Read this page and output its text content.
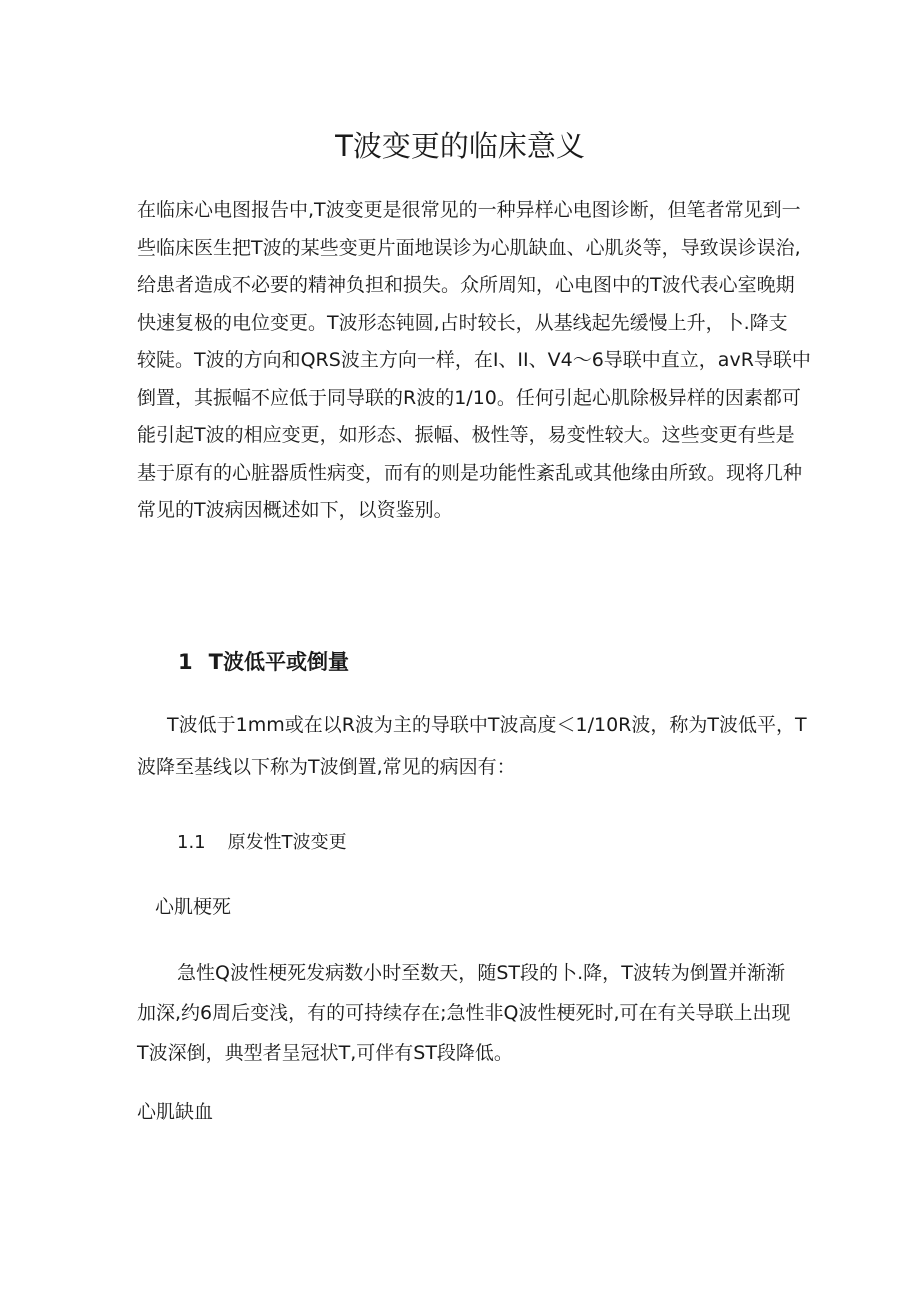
T波变更的临床意义
在临床心电图报告中,T波变更是很常见的一种异样心电图诊断，但笔者常见到一
些临床医生把T波的某些变更片面地误诊为心肌缺血、心肌炎等，导致误诊误治,
给患者造成不必要的精神负担和损失。众所周知，心电图中的T波代表心室晚期
快速复极的电位变更。T波形态钝圆,占时较长，从基线起先缓慢上升，卜.降支
较陡。T波的方向和QRS波主方向一样，在I、II、V4～6导联中直立，avR导联中
倒置，其振幅不应低于同导联的R波的1/10。任何引起心肌除极异样的因素都可
能引起T波的相应变更，如形态、振幅、极性等，易变性较大。这些变更有些是
基于原有的心脏器质性病变，而有的则是功能性紊乱或其他缘由所致。现将几种
常见的T波病因概述如下，以资鉴别。
1 T波低平或倒量
T波低于1mm或在以R波为主的导联中T波高度＜1/10R波，称为T波低平，T
波降至基线以下称为T波倒置,常见的病因有：
1.1 原发性T波变更
心肌梗死
急性Q波性梗死发病数小时至数天，随ST段的卜.降，T波转为倒置并渐渐
加深,约6周后变浅，有的可持续存在;急性非Q波性梗死时,可在有关导联上出现
T波深倒，典型者呈冠状T,可伴有ST段降低。
心肌缺血
